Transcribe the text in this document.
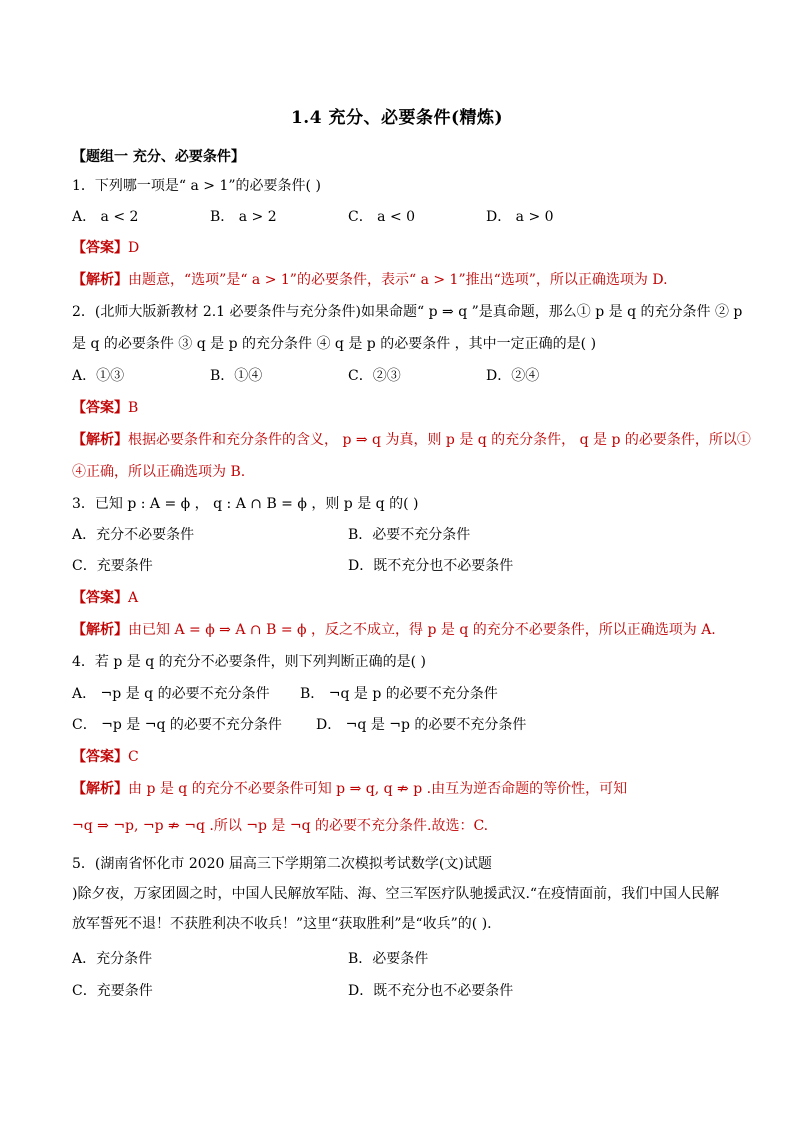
1.4 充分、必要条件(精炼)
【题组一 充分、必要条件】
1．下列哪一项是“ a > 1”的必要条件( )
A． a < 2	B． a > 2	C． a < 0	D． a > 0
【答案】D
【解析】由题意，“选项”是“ a > 1”的必要条件，表示“ a > 1”推出“选项”，所以正确选项为 D.
2．(北师大版新教材 2.1 必要条件与充分条件)如果命题“ p ⇒ q ”是真命题，那么① p 是 q 的充分条件 ② p
是 q 的必要条件 ③ q 是 p 的充分条件 ④ q 是 p 的必要条件 ，其中一定正确的是( )
A．①③	B．①④	C．②③	D．②④
【答案】B
【解析】根据必要条件和充分条件的含义， p ⇒ q 为真，则 p 是 q 的充分条件， q 是 p 的必要条件，所以①
④正确，所以正确选项为 B.
3．已知 p : A = ϕ ， q : A ∩ B = ϕ ，则 p 是 q 的( )
A．充分不必要条件	B．必要不充分条件
C．充要条件	D．既不充分也不必要条件
【答案】A
【解析】由已知 A = ϕ ⇒ A ∩ B = ϕ ，反之不成立，得 p 是 q 的充分不必要条件，所以正确选项为 A.
4．若 p 是 q 的充分不必要条件，则下列判断正确的是( )
A． ¬p 是 q 的必要不充分条件 B． ¬q 是 p 的必要不充分条件
C． ¬p 是 ¬q 的必要不充分条件 D． ¬q 是 ¬p 的必要不充分条件
【答案】C
【解析】由 p 是 q 的充分不必要条件可知 p ⇒ q, q ⇏ p .由互为逆否命题的等价性，可知
¬q ⇒ ¬p, ¬p ⇏ ¬q .所以 ¬p 是 ¬q 的必要不充分条件.故选：C.
5．(湖南省怀化市 2020 届高三下学期第二次模拟考试数学(文)试题
)除夕夜，万家团圆之时，中国人民解放军陆、海、空三军医疗队驰援武汉.“在疫情面前，我们中国人民解
放军誓死不退！不获胜利决不收兵！”这里“获取胜利”是“收兵”的( ).
A．充分条件	B．必要条件
C．充要条件	D．既不充分也不必要条件
